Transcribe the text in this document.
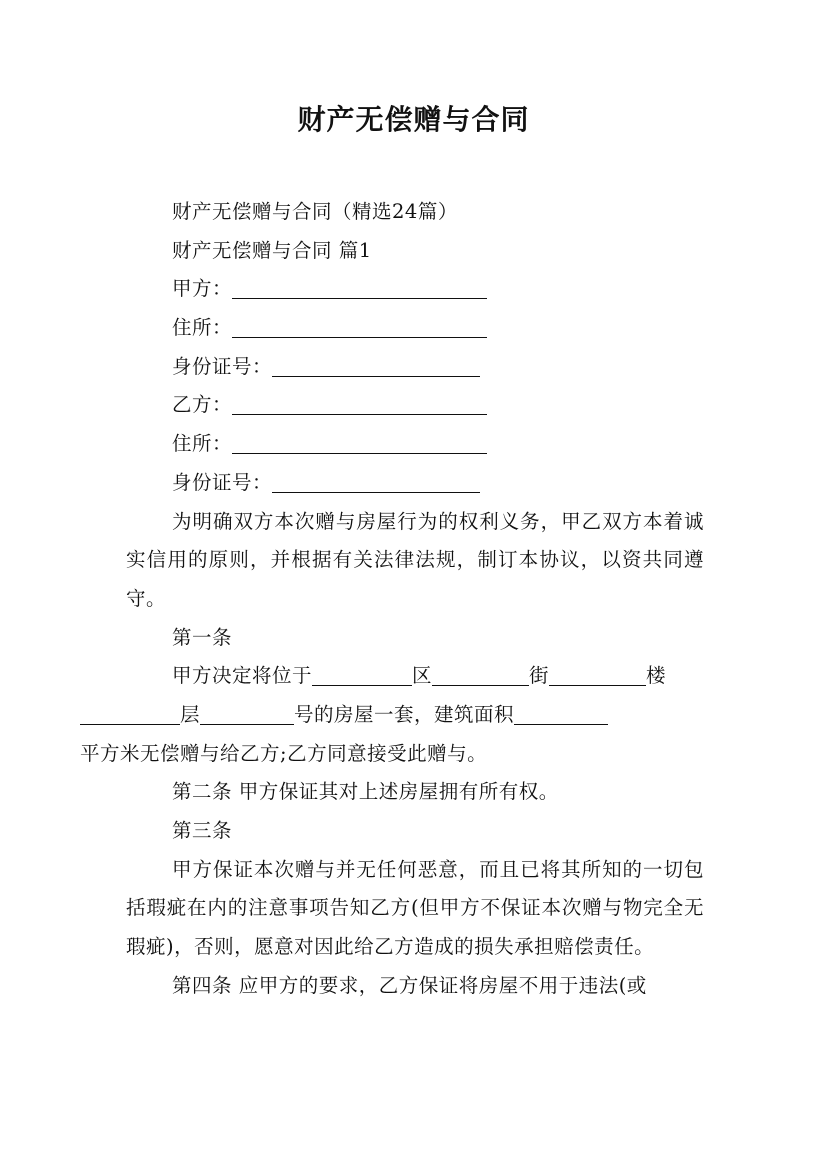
财产无偿赠与合同
财产无偿赠与合同（精选24篇）
财产无偿赠与合同 篇1
甲方：
住所：
身份证号：
乙方：
住所：
身份证号：
为明确双方本次赠与房屋行为的权利义务，甲乙双方本着诚实信用的原则，并根据有关法律法规，制订本协议，以资共同遵守。
第一条
甲方决定将位于	区	街	楼
层	号的房屋一套，建筑面积
平方米无偿赠与给乙方;乙方同意接受此赠与。
第二条 甲方保证其对上述房屋拥有所有权。
第三条
甲方保证本次赠与并无任何恶意，而且已将其所知的一切包括瑕疵在内的注意事项告知乙方(但甲方不保证本次赠与物完全无瑕疵)，否则，愿意对因此给乙方造成的损失承担赔偿责任。
第四条 应甲方的要求，乙方保证将房屋不用于违法(或
